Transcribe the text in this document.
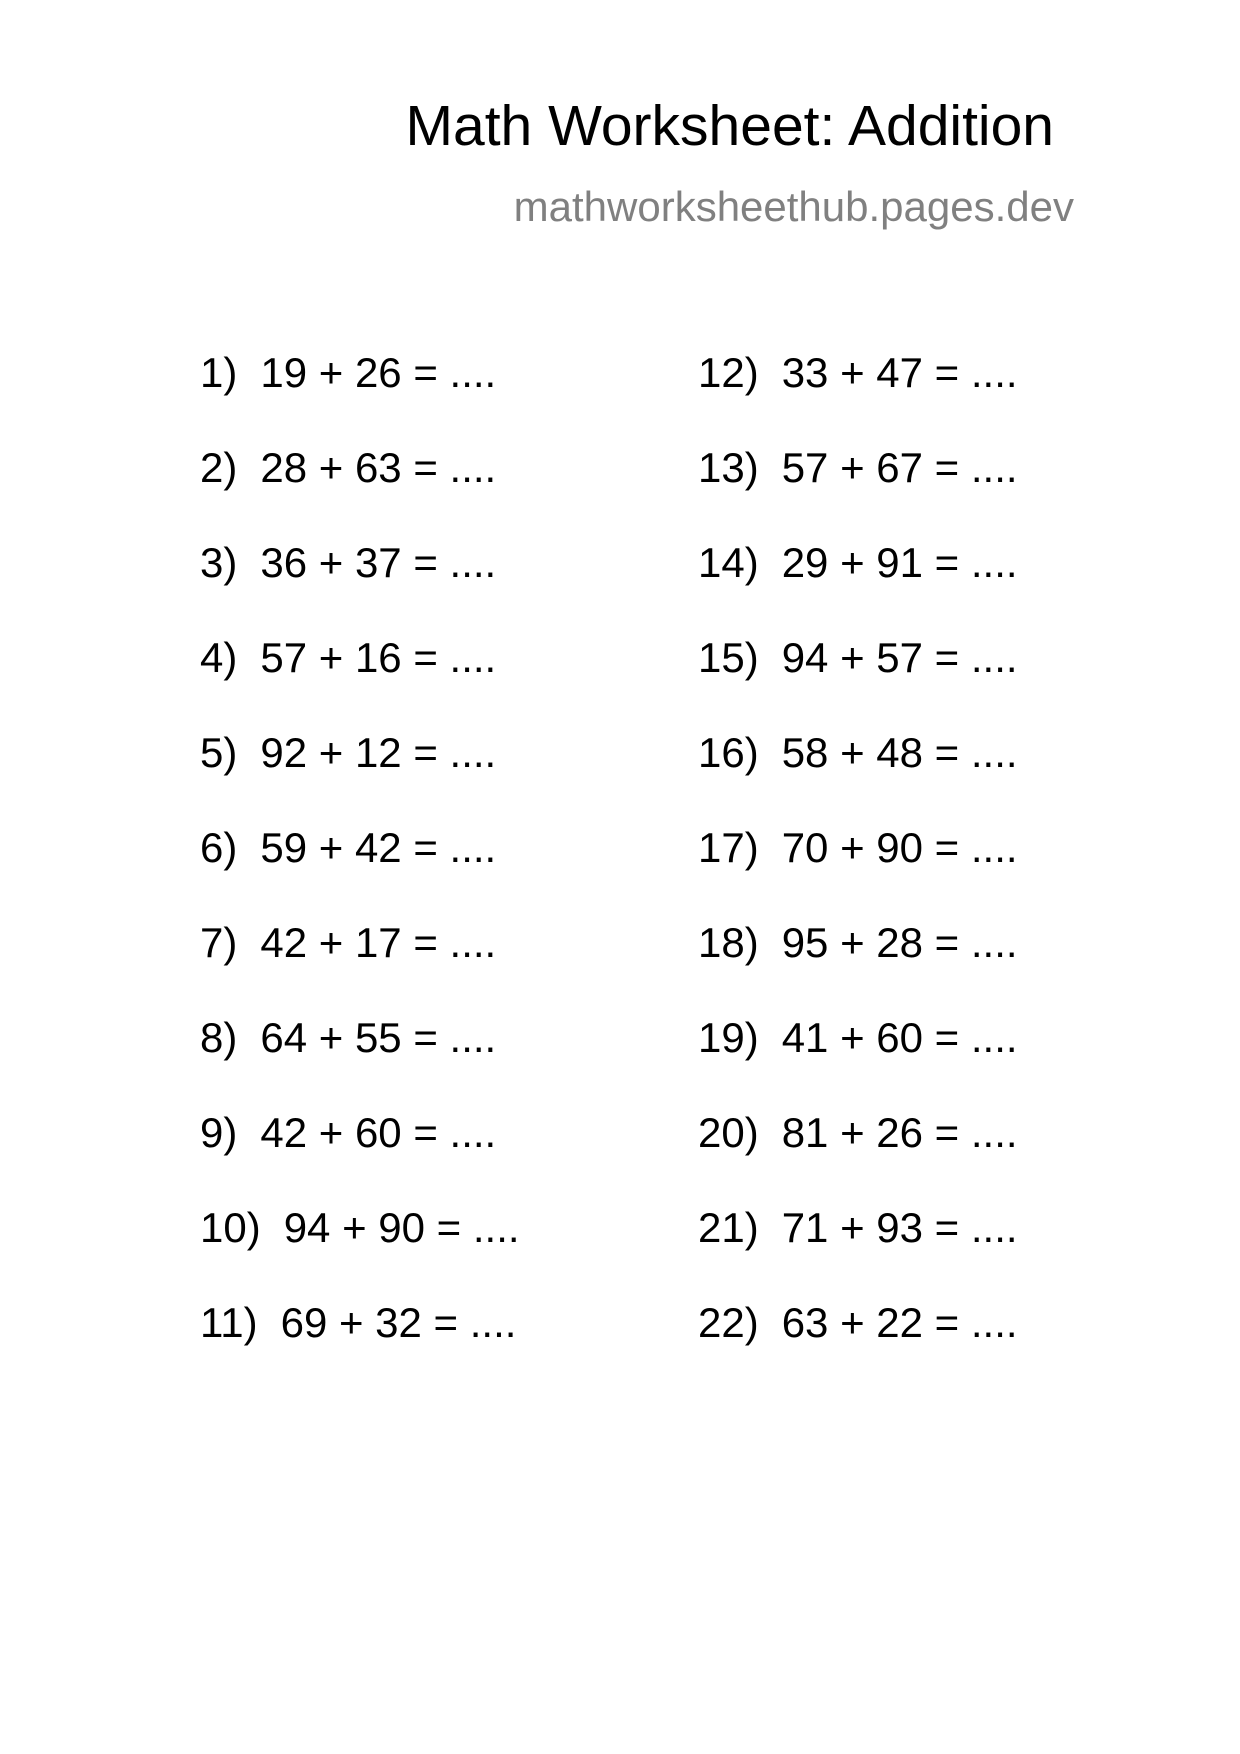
Math Worksheet: Addition
mathworksheethub.pages.dev
1) 19 + 26 = ....
2) 28 + 63 = ....
3) 36 + 37 = ....
4) 57 + 16 = ....
5) 92 + 12 = ....
6) 59 + 42 = ....
7) 42 + 17 = ....
8) 64 + 55 = ....
9) 42 + 60 = ....
10) 94 + 90 = ....
11) 69 + 32 = ....
12) 33 + 47 = ....
13) 57 + 67 = ....
14) 29 + 91 = ....
15) 94 + 57 = ....
16) 58 + 48 = ....
17) 70 + 90 = ....
18) 95 + 28 = ....
19) 41 + 60 = ....
20) 81 + 26 = ....
21) 71 + 93 = ....
22) 63 + 22 = ....
